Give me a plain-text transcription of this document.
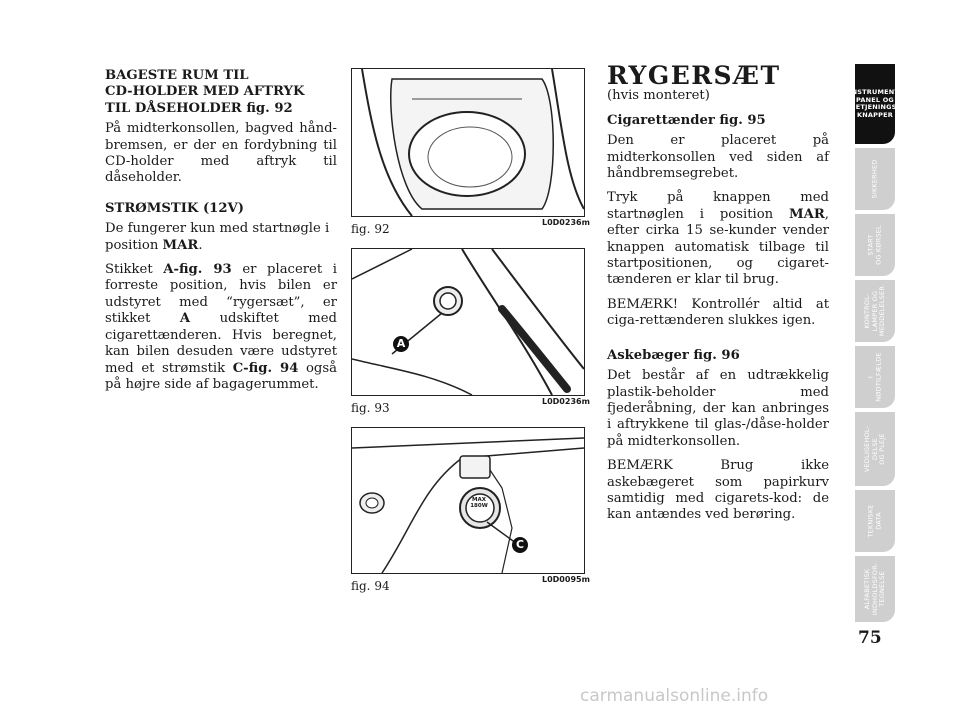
BAGESTE RUM TIL
CD-HOLDER MED AFTRYK
TIL DÅSEHOLDER fig. 92

På midterkonsollen, bagved hånd-bremsen, er der en fordybning til CD-holder med aftryk til dåseholder.

STRØMSTIK (12V)

De fungerer kun med startnøgle i position MAR.

Stikket A-fig. 93 er placeret i forreste position, hvis bilen er udstyret med “rygersæt”, er stikket A udskiftet med cigarettænderen. Hvis beregnet, kan bilen desuden være udstyret med et strømstik C-fig. 94 også på højre side af bagagerummet.

fig. 92	L0D0236m
A
fig. 93	L0D0236m
MAX
180W
C
fig. 94	L0D0095m
RYGERSÆT

(hvis monteret)

Cigarettænder fig. 95

Den er placeret på midterkonsollen ved siden af håndbremsegrebet.

Tryk på knappen med startnøglen i position MAR, efter cirka 15 se-kunder vender knappen automatisk tilbage til startpositionen, og cigaret-tænderen er klar til brug.

BEMÆRK! Kontrollér altid at ciga-rettænderen slukkes igen.

Askebæger fig. 96

Det består af en udtrækkelig plastik-beholder med fjederåbning, der kan anbringes i aftrykkene til glas-/dåse-holder på midterkonsollen.

BEMÆRK Brug ikke askebægeret som papirkurv samtidig med cigarets-kod: de kan antændes ved berøring.

INSTRUMENT-
PANEL OG
BETJENINGS-
KNAPPER
SIKKERHED
START
OG KØRSEL
KONTROL-
LAMPER OG
MEDDELELSER
I
NØDTILFÆLDE
VEDLIGEHOL-
DELSE
OG PLEJE
TEKNISKE
DATA
ALFABETISK
INDHOLDSFOR-
TEGNELSE
75
carmanualsonline.info
